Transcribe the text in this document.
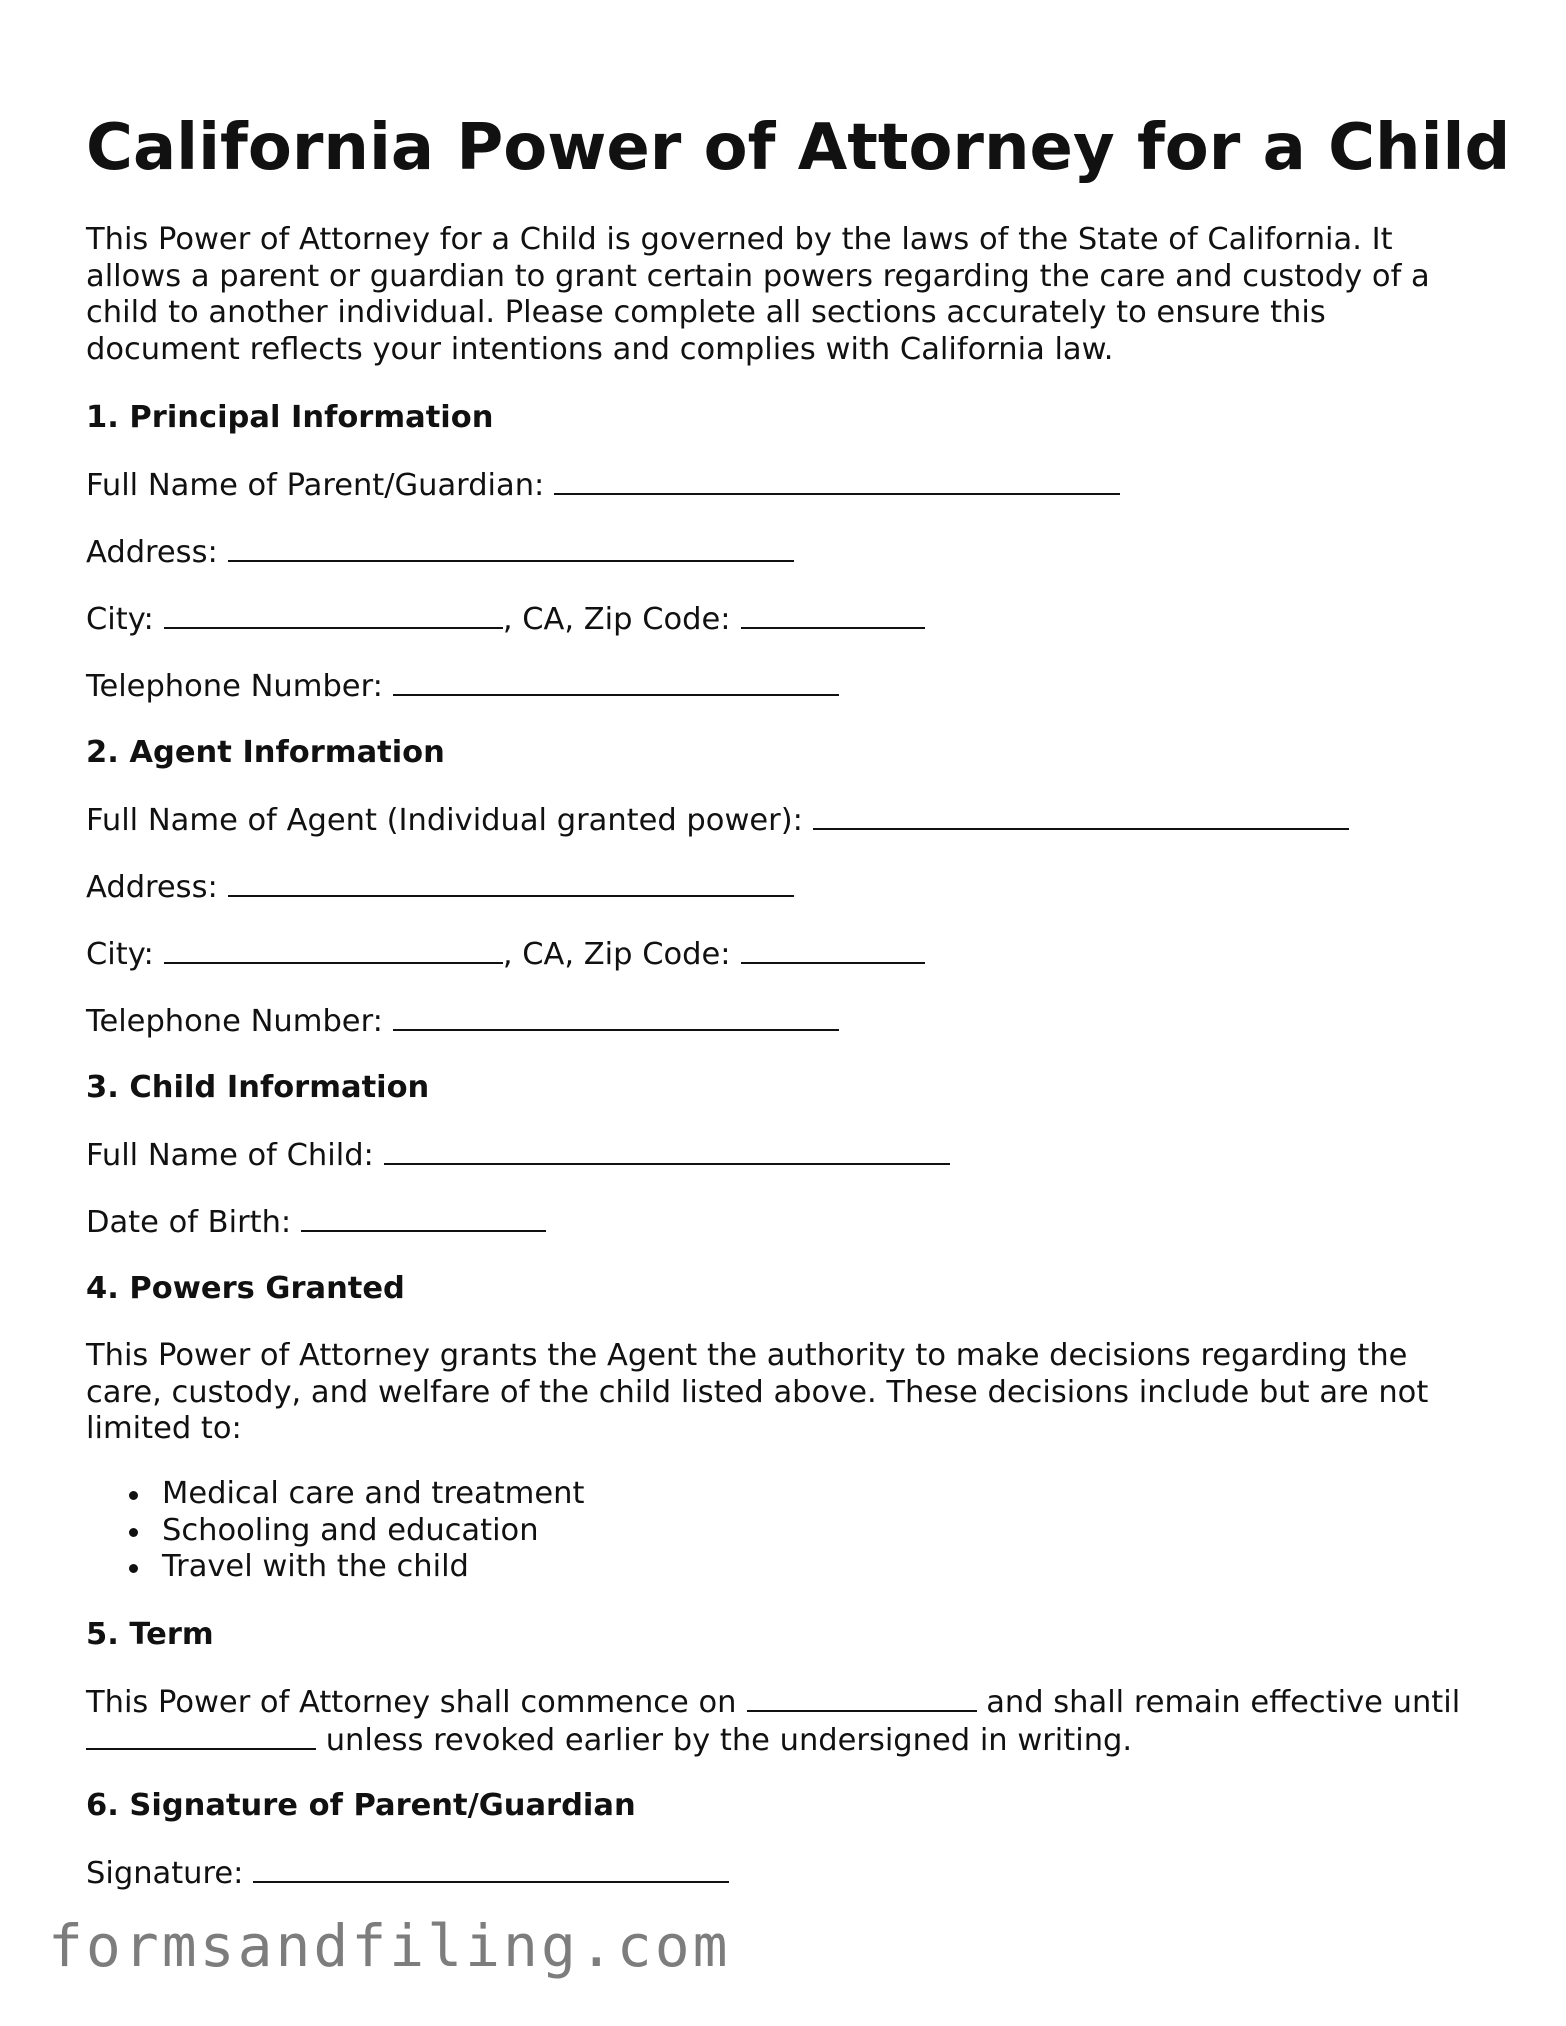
California Power of Attorney for a Child

This Power of Attorney for a Child is governed by the laws of the State of California. It
allows a parent or guardian to grant certain powers regarding the care and custody of a
child to another individual. Please complete all sections accurately to ensure this
document reflects your intentions and complies with California law.

1. Principal Information
Full Name of Parent/Guardian:
Address:
City:	, CA, Zip Code:
Telephone Number:
2. Agent Information
Full Name of Agent (Individual granted power):
Address:
City:	, CA, Zip Code:
Telephone Number:
3. Child Information
Full Name of Child:
Date of Birth:
4. Powers Granted

This Power of Attorney grants the Agent the authority to make decisions regarding the
care, custody, and welfare of the child listed above. These decisions include but are not
limited to:

Medical care and treatment
Schooling and education
Travel with the child
5. Term

This Power of Attorney shall commence on	and shall remain effective until
unless revoked earlier by the undersigned in writing.

6. Signature of Parent/Guardian
Signature:
formsandfiling.com
